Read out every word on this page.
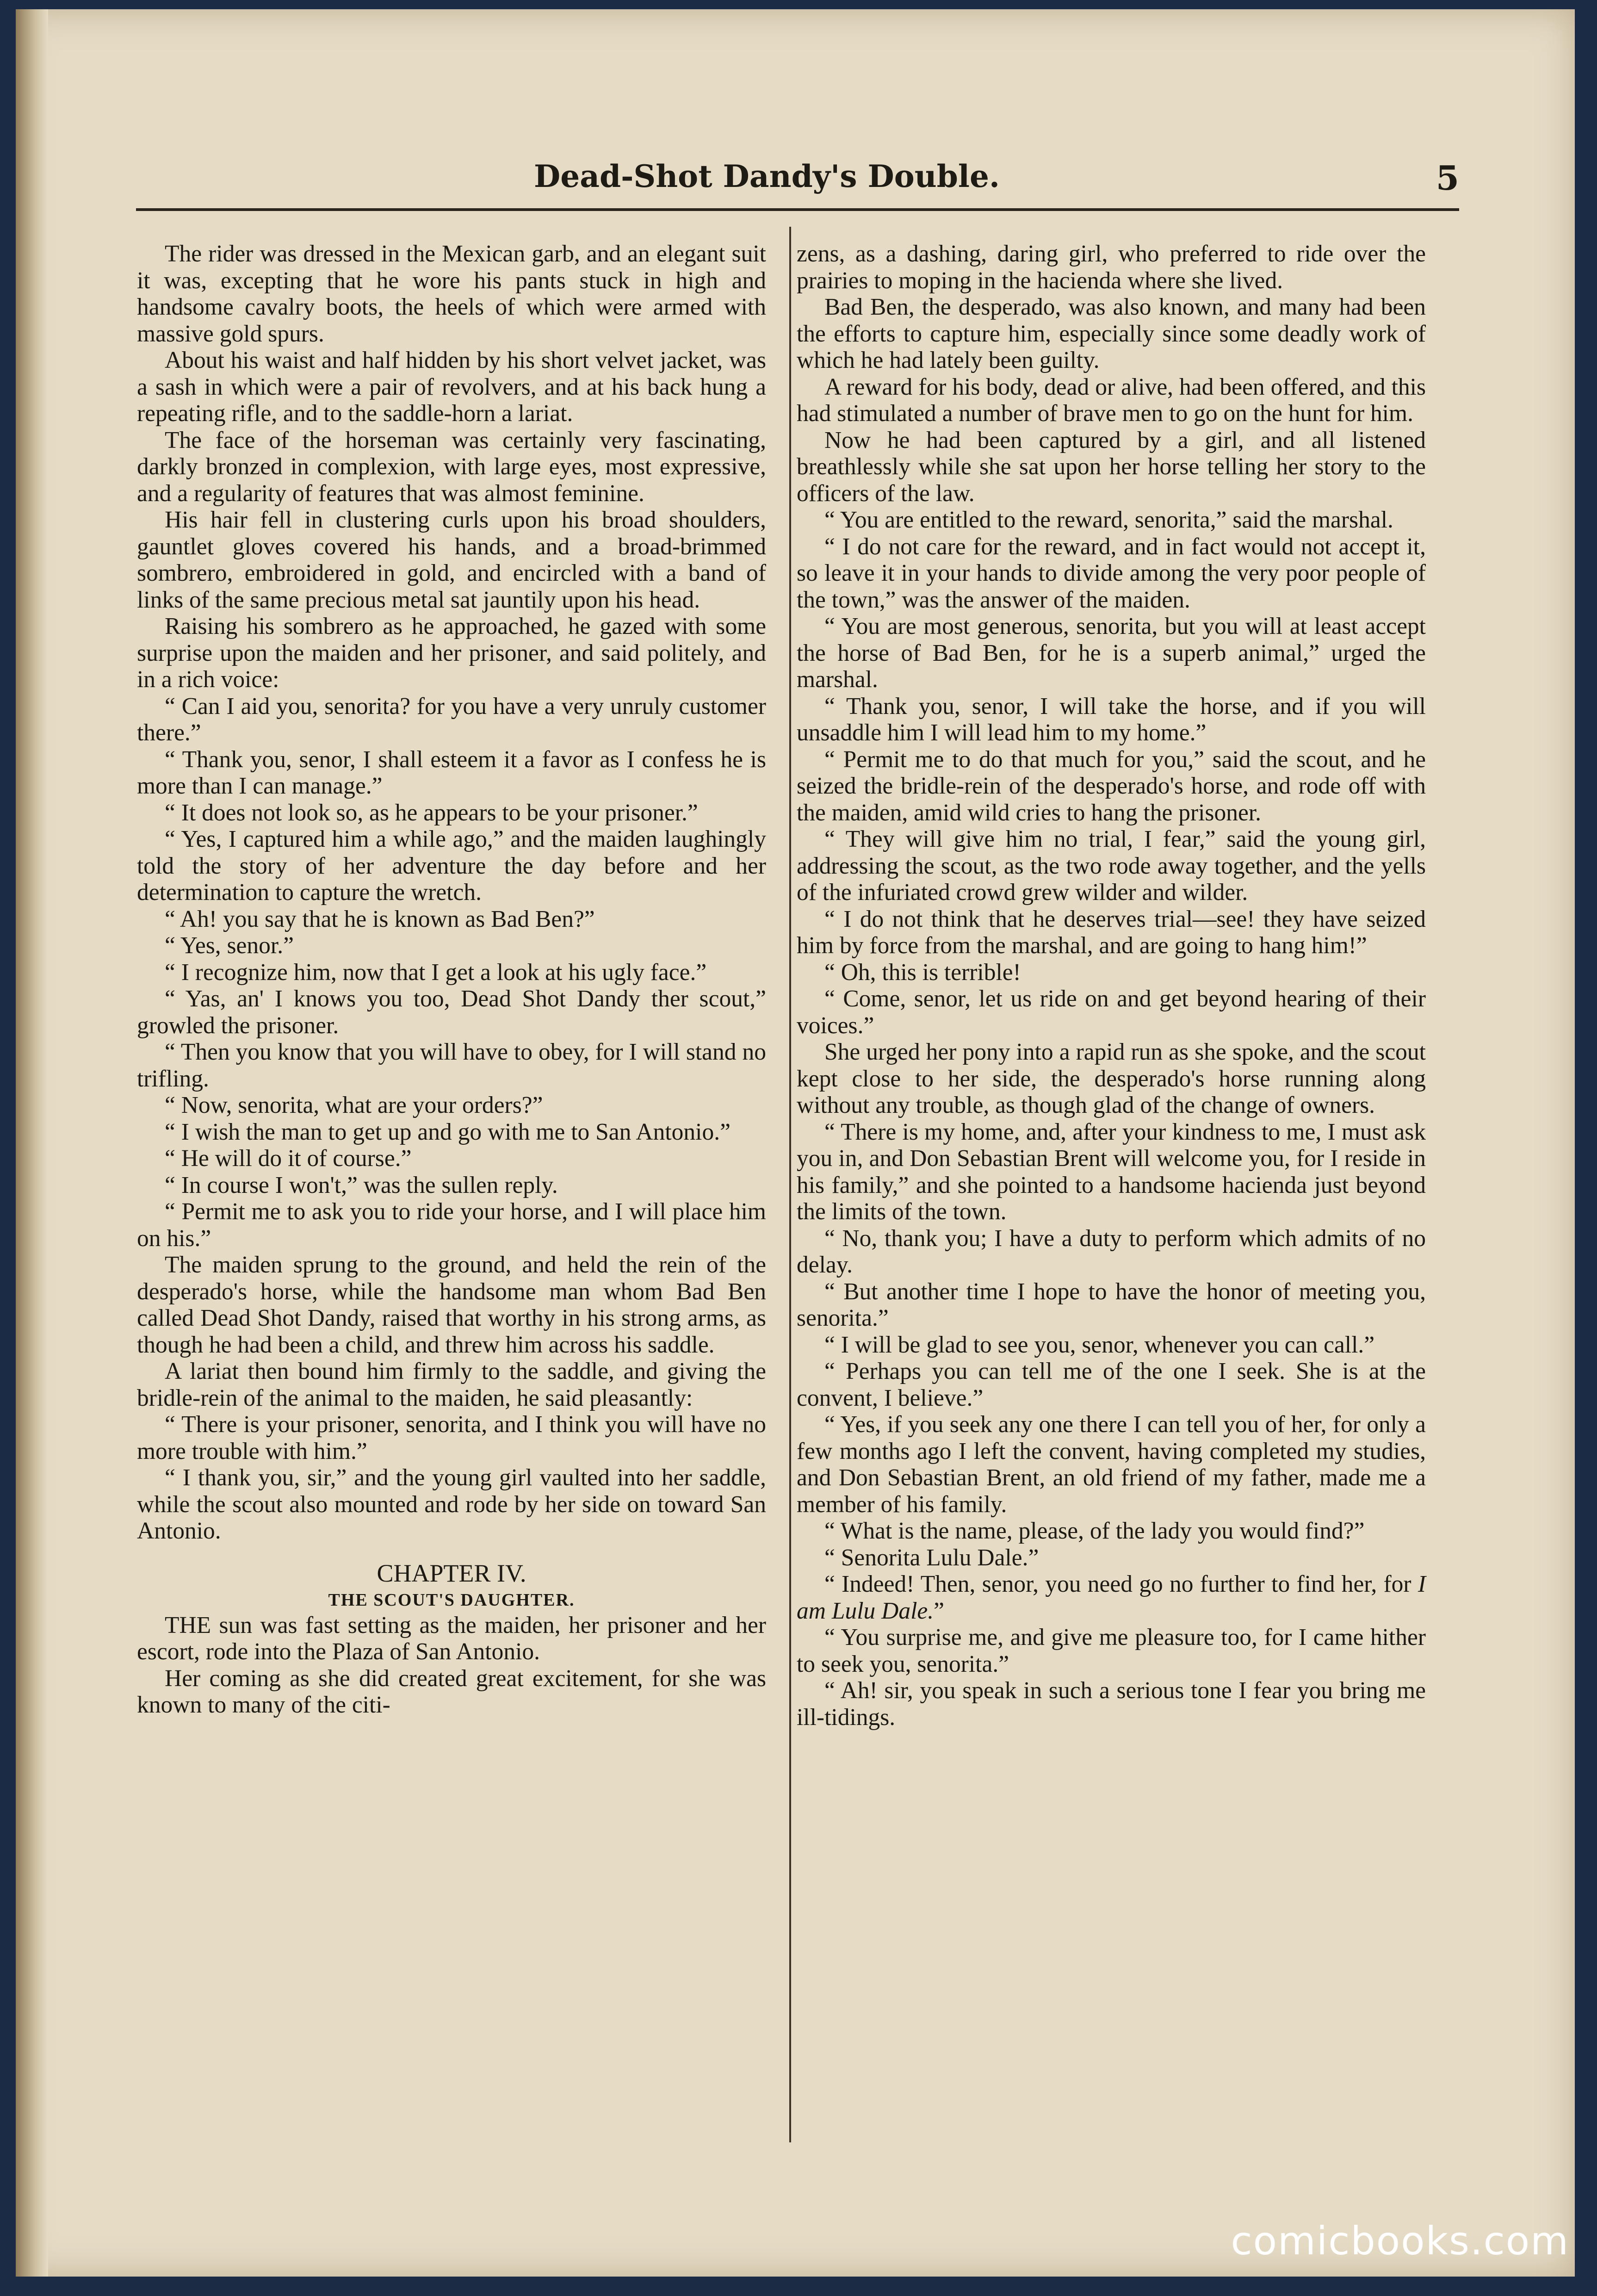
Dead-Shot Dandy's Double.	5

The rider was dressed in the Mexican garb, and an elegant suit it was, excepting that he wore his pants stuck in high and handsome cavalry boots, the heels of which were armed with massive gold spurs.

About his waist and half hidden by his short velvet jacket, was a sash in which were a pair of revolvers, and at his back hung a repeating rifle, and to the saddle-horn a lariat.

The face of the horseman was certainly very fascinating, darkly bronzed in complexion, with large eyes, most expressive, and a regularity of features that was almost feminine.

His hair fell in clustering curls upon his broad shoulders, gauntlet gloves covered his hands, and a broad-brimmed sombrero, embroidered in gold, and encircled with a band of links of the same precious metal sat jauntily upon his head.

Raising his sombrero as he approached, he gazed with some surprise upon the maiden and her prisoner, and said politely, and in a rich voice:

“ Can I aid you, senorita? for you have a very unruly customer there.”

“ Thank you, senor, I shall esteem it a favor as I confess he is more than I can manage.”

“ It does not look so, as he appears to be your prisoner.”

“ Yes, I captured him a while ago,” and the maiden laughingly told the story of her adventure the day before and her determination to capture the wretch.

“ Ah! you say that he is known as Bad Ben?”

“ Yes, senor.”

“ I recognize him, now that I get a look at his ugly face.”

“ Yas, an' I knows you too, Dead Shot Dandy ther scout,” growled the prisoner.

“ Then you know that you will have to obey, for I will stand no trifling.

“ Now, senorita, what are your orders?”

“ I wish the man to get up and go with me to San Antonio.”

“ He will do it of course.”

“ In course I won't,” was the sullen reply.

“ Permit me to ask you to ride your horse, and I will place him on his.”

The maiden sprung to the ground, and held the rein of the desperado's horse, while the handsome man whom Bad Ben called Dead Shot Dandy, raised that worthy in his strong arms, as though he had been a child, and threw him across his saddle.

A lariat then bound him firmly to the saddle, and giving the bridle-rein of the animal to the maiden, he said pleasantly:

“ There is your prisoner, senorita, and I think you will have no more trouble with him.”

“ I thank you, sir,” and the young girl vaulted into her saddle, while the scout also mounted and rode by her side on toward San Antonio.

CHAPTER IV.
THE SCOUT'S DAUGHTER.

THE sun was fast setting as the maiden, her prisoner and her escort, rode into the Plaza of San Antonio.

Her coming as she did created great excitement, for she was known to many of the citi-

zens, as a dashing, daring girl, who preferred to ride over the prairies to moping in the hacienda where she lived.

Bad Ben, the desperado, was also known, and many had been the efforts to capture him, especially since some deadly work of which he had lately been guilty.

A reward for his body, dead or alive, had been offered, and this had stimulated a number of brave men to go on the hunt for him.

Now he had been captured by a girl, and all listened breathlessly while she sat upon her horse telling her story to the officers of the law.

“ You are entitled to the reward, senorita,” said the marshal.

“ I do not care for the reward, and in fact would not accept it, so leave it in your hands to divide among the very poor people of the town,” was the answer of the maiden.

“ You are most generous, senorita, but you will at least accept the horse of Bad Ben, for he is a superb animal,” urged the marshal.

“ Thank you, senor, I will take the horse, and if you will unsaddle him I will lead him to my home.”

“ Permit me to do that much for you,” said the scout, and he seized the bridle-rein of the desperado's horse, and rode off with the maiden, amid wild cries to hang the prisoner.

“ They will give him no trial, I fear,” said the young girl, addressing the scout, as the two rode away together, and the yells of the infuriated crowd grew wilder and wilder.

“ I do not think that he deserves trial—see! they have seized him by force from the marshal, and are going to hang him!”

“ Oh, this is terrible!

“ Come, senor, let us ride on and get beyond hearing of their voices.”

She urged her pony into a rapid run as she spoke, and the scout kept close to her side, the desperado's horse running along without any trouble, as though glad of the change of owners.

“ There is my home, and, after your kindness to me, I must ask you in, and Don Sebastian Brent will welcome you, for I reside in his family,” and she pointed to a handsome hacienda just beyond the limits of the town.

“ No, thank you; I have a duty to perform which admits of no delay.

“ But another time I hope to have the honor of meeting you, senorita.”

“ I will be glad to see you, senor, whenever you can call.”

“ Perhaps you can tell me of the one I seek. She is at the convent, I believe.”

“ Yes, if you seek any one there I can tell you of her, for only a few months ago I left the convent, having completed my studies, and Don Sebastian Brent, an old friend of my father, made me a member of his family.

“ What is the name, please, of the lady you would find?”

“ Senorita Lulu Dale.”

“ Indeed! Then, senor, you need go no further to find her, for I am Lulu Dale.”

“ You surprise me, and give me pleasure too, for I came hither to seek you, senorita.”

“ Ah! sir, you speak in such a serious tone I fear you bring me ill-tidings.

comicbooks.com
